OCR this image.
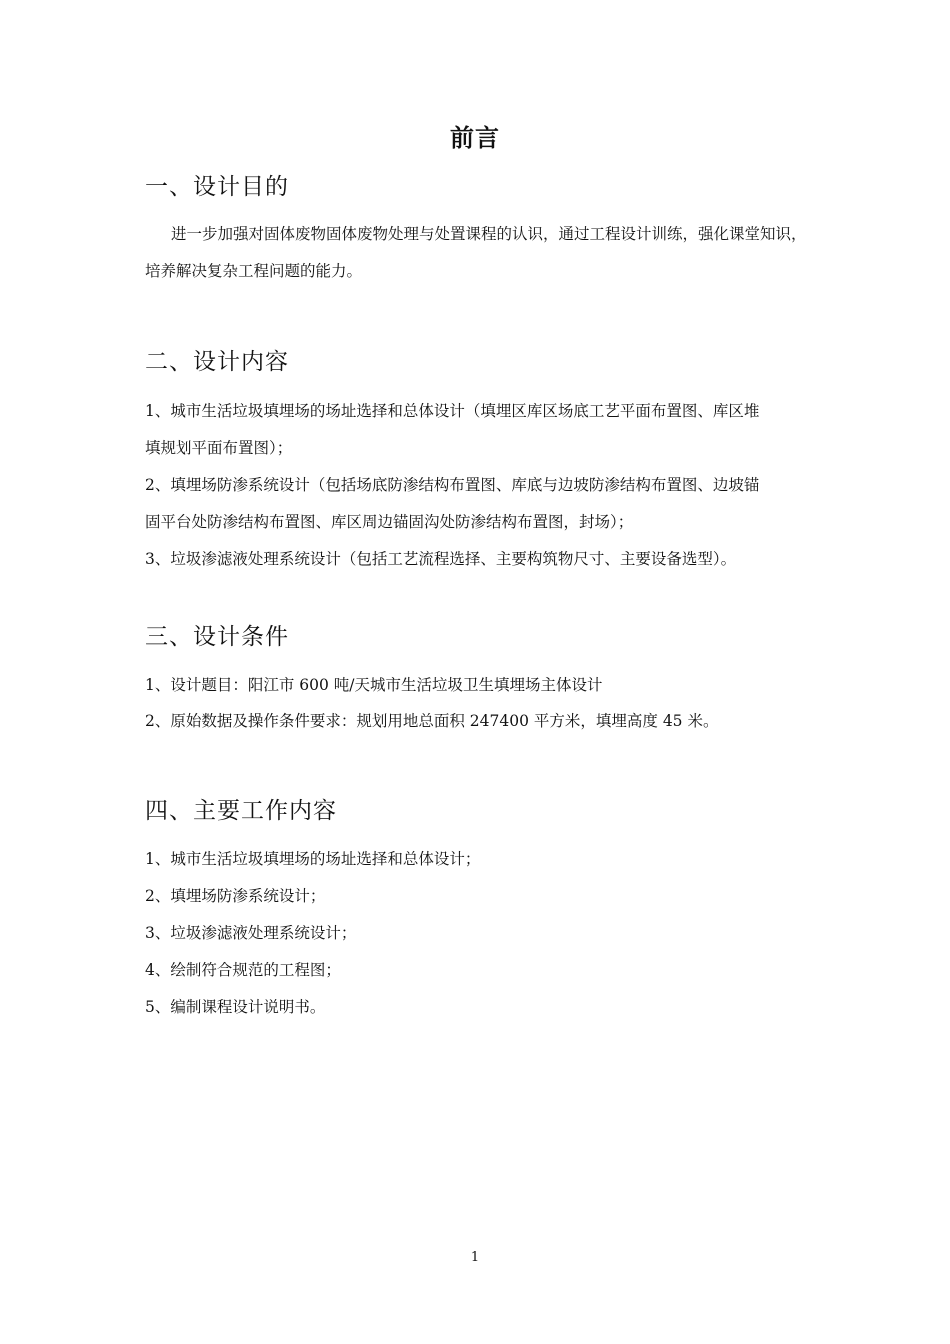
前言
一、设计目的
进一步加强对固体废物固体废物处理与处置课程的认识，通过工程设计训练，强化课堂知识，培养解决复杂工程问题的能力。
二、设计内容
1、城市生活垃圾填埋场的场址选择和总体设计（填埋区库区场底工艺平面布置图、库区堆
填规划平面布置图）；
2、填埋场防渗系统设计（包括场底防渗结构布置图、库底与边坡防渗结构布置图、边坡锚
固平台处防渗结构布置图、库区周边锚固沟处防渗结构布置图，封场）；
3、垃圾渗滤液处理系统设计（包括工艺流程选择、主要构筑物尺寸、主要设备选型）。
三、设计条件
1、设计题目：阳江市 600 吨/天城市生活垃圾卫生填埋场主体设计
2、原始数据及操作条件要求：规划用地总面积 247400 平方米，填埋高度 45 米。
四、主要工作内容
1、城市生活垃圾填埋场的场址选择和总体设计；
2、填埋场防渗系统设计；
3、垃圾渗滤液处理系统设计；
4、绘制符合规范的工程图；
5、编制课程设计说明书。
1
